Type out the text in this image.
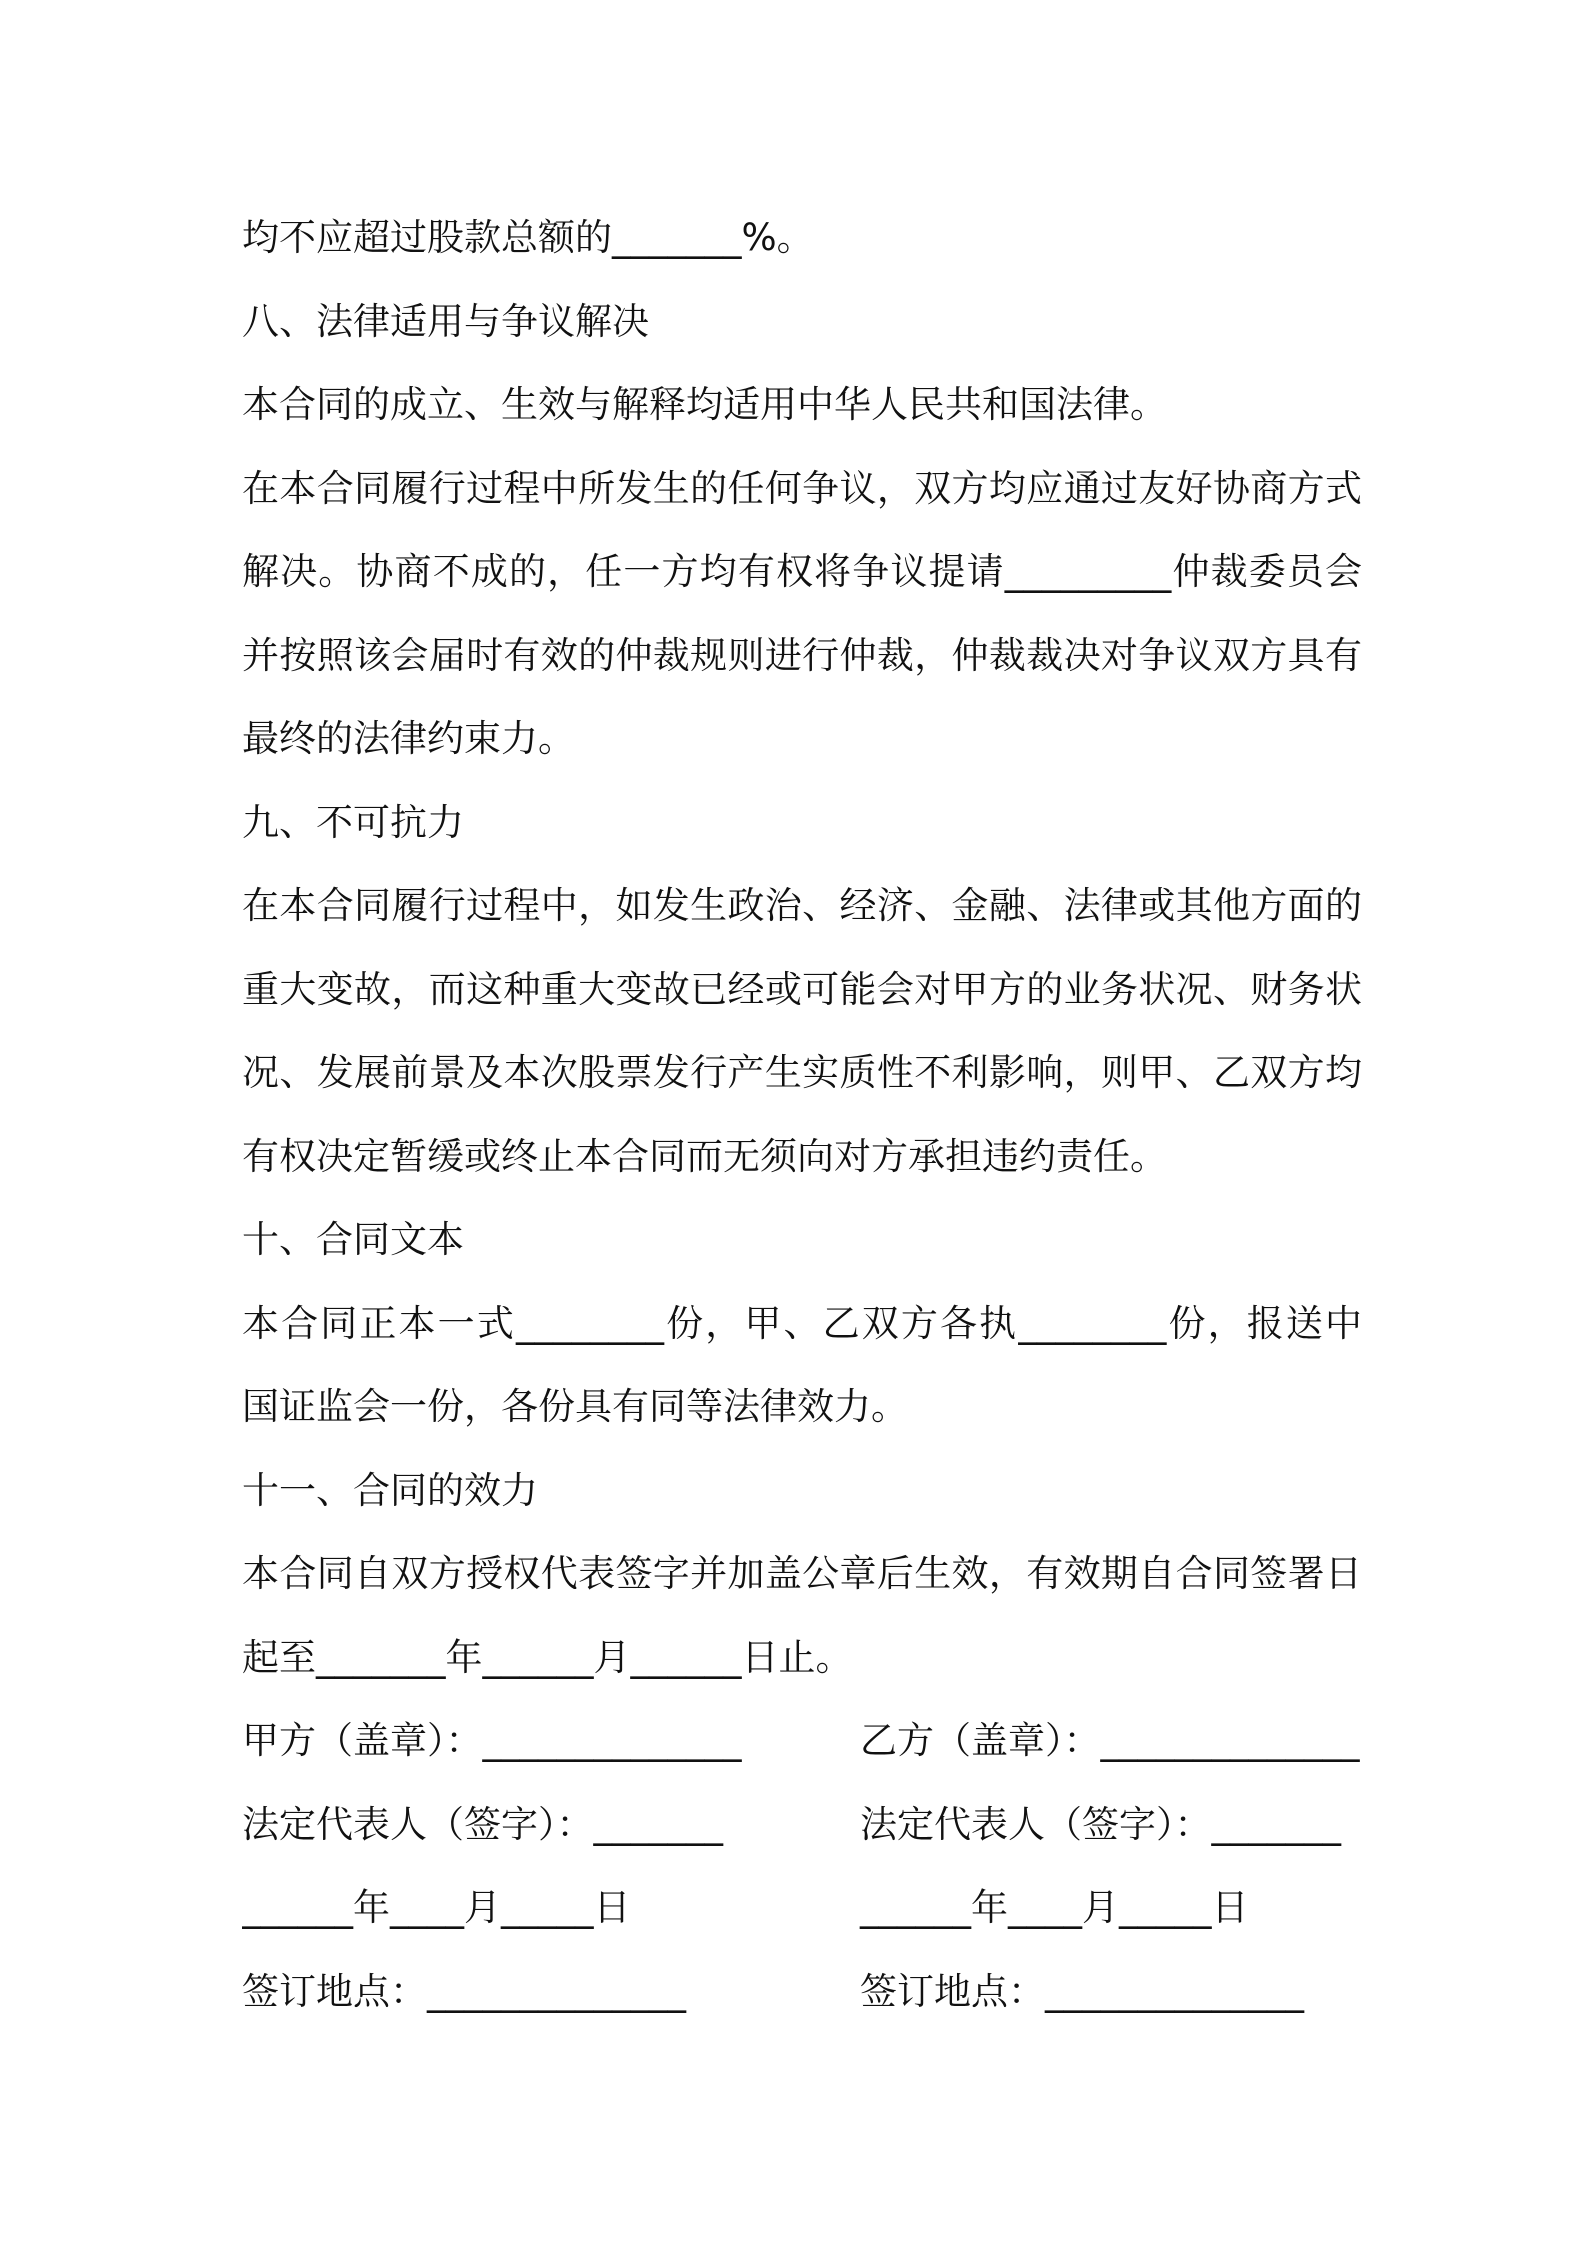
均不应超过股款总额的_______%。
八、法律适用与争议解决
本合同的成立、生效与解释均适用中华人民共和国法律。
在本合同履行过程中所发生的任何争议，双方均应通过友好协商方式
解决。协商不成的，任一方均有权将争议提请_________仲裁委员会
并按照该会届时有效的仲裁规则进行仲裁，仲裁裁决对争议双方具有
最终的法律约束力。
九、不可抗力
在本合同履行过程中，如发生政治、经济、金融、法律或其他方面的
重大变故，而这种重大变故已经或可能会对甲方的业务状况、财务状
况、发展前景及本次股票发行产生实质性不利影响，则甲、乙双方均
有权决定暂缓或终止本合同而无须向对方承担违约责任。
十、合同文本
本合同正本一式________份，甲、乙双方各执________份，报送中
国证监会一份，各份具有同等法律效力。
十一、合同的效力
本合同自双方授权代表签字并加盖公章后生效，有效期自合同签署日
起至_______年______月______日止。
甲方（盖章）：______________	乙方（盖章）：______________
法定代表人（签字）：_______	法定代表人（签字）：_______
______年____月_____日	______年____月_____日
签订地点：______________	签订地点：______________
